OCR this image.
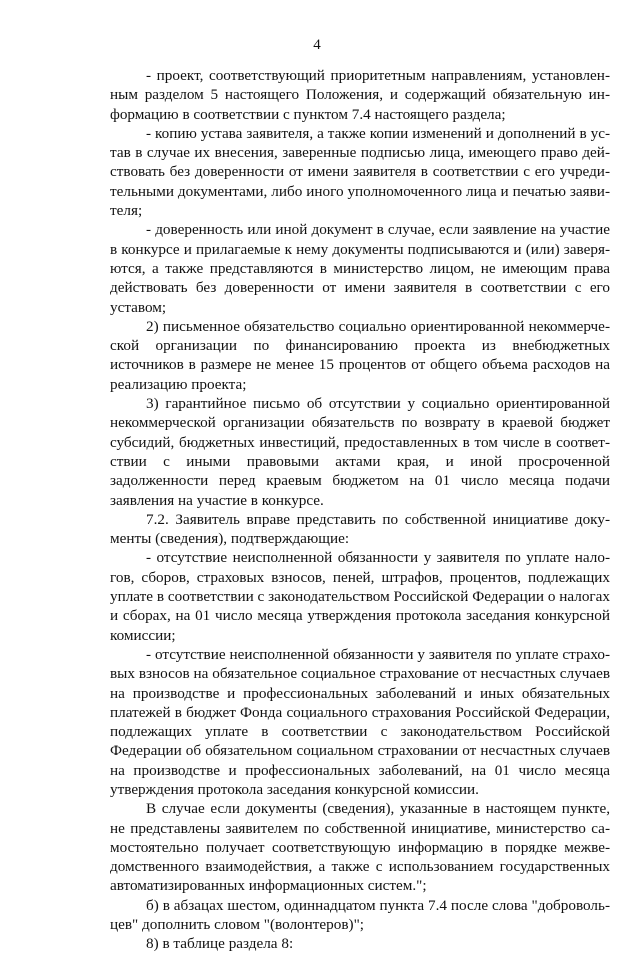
4

- проект, соответствующий приоритетным направлениям, установленным разделом 5 настоящего Положения, и содержащий обязательную информацию в соответствии с пунктом 7.4 настоящего раздела;

- копию устава заявителя, а также копии изменений и дополнений в устав в случае их внесения, заверенные подписью лица, имеющего право действовать без доверенности от имени заявителя в соответствии с его учредительными документами, либо иного уполномоченного лица и печатью заявителя;

- доверенность или иной документ в случае, если заявление на участие в конкурсе и прилагаемые к нему документы подписываются и (или) заверяются, а также представляются в министерство лицом, не имеющим права действовать без доверенности от имени заявителя в соответствии с его уставом;

2) письменное обязательство социально ориентированной некоммерческой организации по финансированию проекта из внебюджетных источников в размере не менее 15 процентов от общего объема расходов на реализацию проекта;

3) гарантийное письмо об отсутствии у социально ориентированной некоммерческой организации обязательств по возврату в краевой бюджет субсидий, бюджетных инвестиций, предоставленных в том числе в соответствии с иными правовыми актами края, и иной просроченной задолженности перед краевым бюджетом на 01 число месяца подачи заявления на участие в конкурсе.

7.2. Заявитель вправе представить по собственной инициативе документы (сведения), подтверждающие:

- отсутствие неисполненной обязанности у заявителя по уплате налогов, сборов, страховых взносов, пеней, штрафов, процентов, подлежащих уплате в соответствии с законодательством Российской Федерации о налогах и сборах, на 01 число месяца утверждения протокола заседания конкурсной комиссии;

- отсутствие неисполненной обязанности у заявителя по уплате страховых взносов на обязательное социальное страхование от несчастных случаев на производстве и профессиональных заболеваний и иных обязательных платежей в бюджет Фонда социального страхования Российской Федерации, подлежащих уплате в соответствии с законодательством Российской Федерации об обязательном социальном страховании от несчастных случаев на производстве и профессиональных заболеваний, на 01 число месяца утверждения протокола заседания конкурсной комиссии.

В случае если документы (сведения), указанные в настоящем пункте, не представлены заявителем по собственной инициативе, министерство самостоятельно получает соответствующую информацию в порядке межведомственного взаимодействия, а также с использованием государственных автоматизированных информационных систем.";

б) в абзацах шестом, одиннадцатом пункта 7.4 после слова "добровольцев" дополнить словом "(волонтеров)";

8) в таблице раздела 8:
